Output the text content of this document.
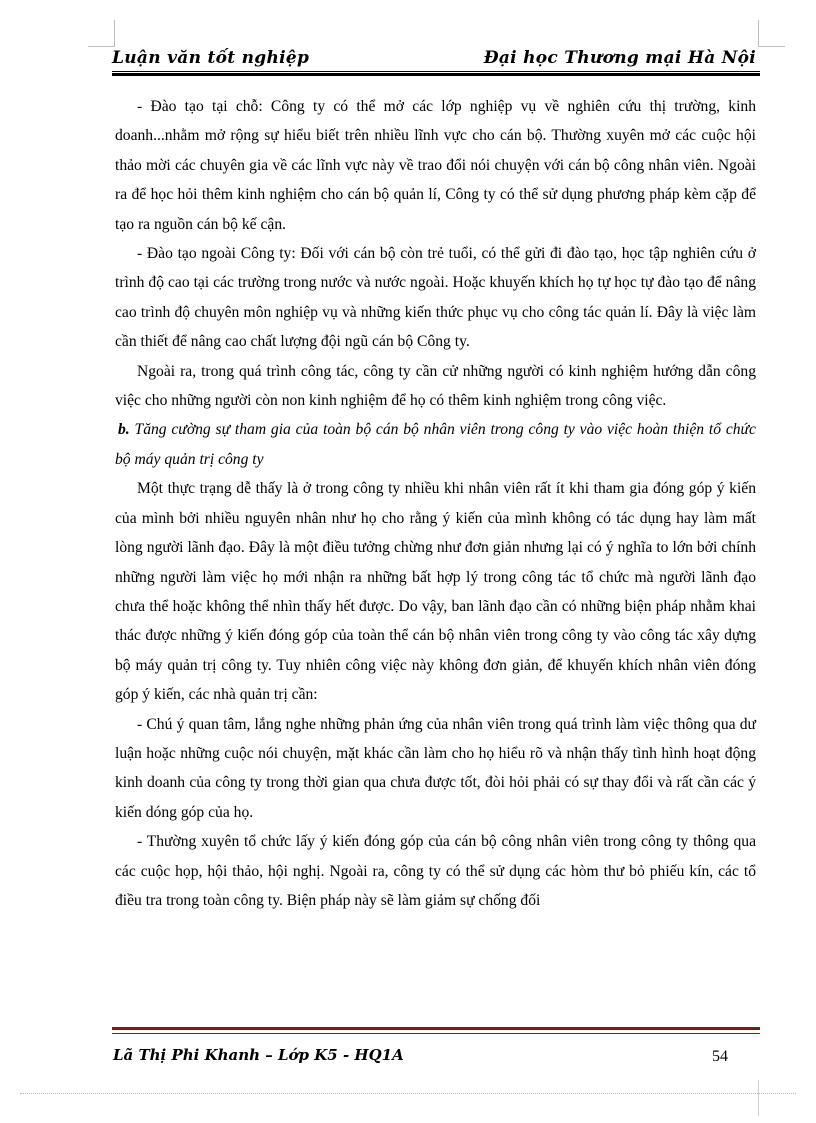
Luận văn tốt nghiệp	Đại học Thương mại Hà Nội

- Đào tạo tại chỗ: Công ty có thể mở các lớp nghiệp vụ về nghiên cứu thị trường, kinh doanh...nhằm mở rộng sự hiểu biết trên nhiều lĩnh vực cho cán bộ. Thường xuyên mở các cuộc hội thảo mời các chuyên gia về các lĩnh vực này về trao đổi nói chuyện với cán bộ công nhân viên. Ngoài ra để học hỏi thêm kinh nghiệm cho cán bộ quản lí, Công ty có thể sử dụng phương pháp kèm cặp để tạo ra nguồn cán bộ kế cận.

- Đào tạo ngoài Công ty: Đối với cán bộ còn trẻ tuổi, có thể gửi đi đào tạo, học tập nghiên cứu ở trình độ cao tại các trường trong nước và nước ngoài. Hoặc khuyến khích họ tự học tự đào tạo để nâng cao trình độ chuyên môn nghiệp vụ và những kiến thức phục vụ cho công tác quản lí. Đây là việc làm cần thiết để nâng cao chất lượng đội ngũ cán bộ Công ty.

Ngoài ra, trong quá trình công tác, công ty cần cử những người có kinh nghiệm hướng dẫn công việc cho những người còn non kinh nghiệm để họ có thêm kinh nghiệm trong công việc.

b. Tăng cường sự tham gia của toàn bộ cán bộ nhân viên trong công ty vào việc hoàn thiện tổ chức bộ máy quản trị công ty

Một thực trạng dễ thấy là ở trong công ty nhiều khi nhân viên rất ít khi tham gia đóng góp ý kiến của mình bởi nhiều nguyên nhân như họ cho rằng ý kiến của mình không có tác dụng hay làm mất lòng người lãnh đạo. Đây là một điều tưởng chừng như đơn giản nhưng lại có ý nghĩa to lớn bởi chính những người làm việc họ mới nhận ra những bất hợp lý trong công tác tổ chức mà người lãnh đạo chưa thể hoặc không thể nhìn thấy hết được. Do vậy, ban lãnh đạo cần có những biện pháp nhằm khai thác được những ý kiến đóng góp của toàn thể cán bộ nhân viên trong công ty vào công tác xây dựng bộ máy quản trị công ty. Tuy nhiên công việc này không đơn giản, để khuyến khích nhân viên đóng góp ý kiến, các nhà quản trị cần:

- Chú ý quan tâm, lắng nghe những phản ứng của nhân viên trong quá trình làm việc thông qua dư luận hoặc những cuộc nói chuyện, mặt khác cần làm cho họ hiểu rõ và nhận thấy tình hình hoạt động kinh doanh của công ty trong thời gian qua chưa được tốt, đòi hỏi phải có sự thay đổi và rất cần các ý kiến dóng góp của họ.

- Thường xuyên tổ chức lấy ý kiến đóng góp của cán bộ công nhân viên trong công ty thông qua các cuộc họp, hội thảo, hội nghị. Ngoài ra, công ty có thể sử dụng các hòm thư bỏ phiếu kín, các tổ điều tra trong toàn công ty. Biện pháp này sẽ làm giảm sự chống đối

Lã Thị Phi Khanh – Lớp K5 - HQ1A	54
